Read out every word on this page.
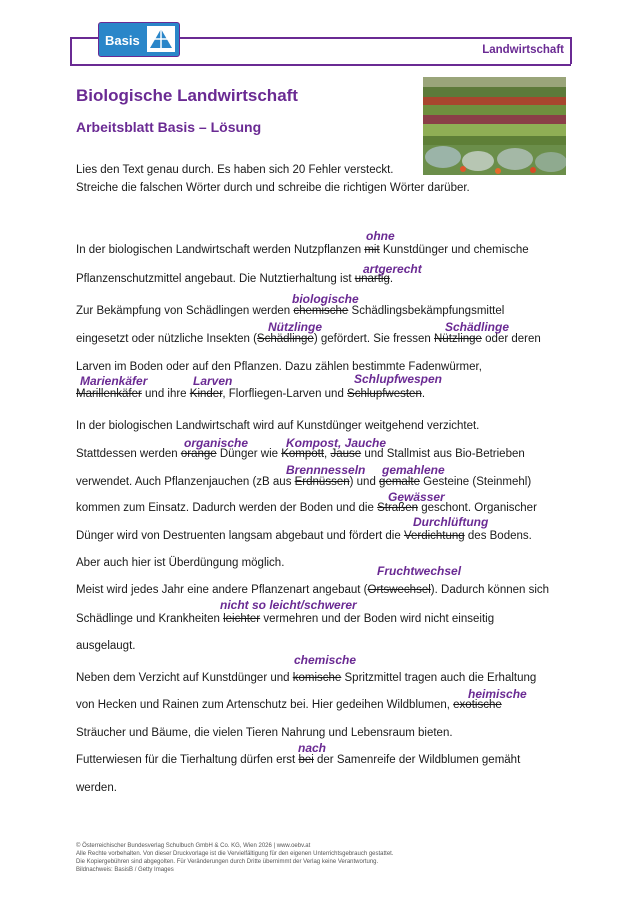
Basis
Landwirtschaft
Biologische Landwirtschaft
Arbeitsblatt Basis – Lösung
Lies den Text genau durch. Es haben sich 20 Fehler versteckt.
Streiche die falschen Wörter durch und schreibe die richtigen Wörter darüber.
In der biologischen Landwirtschaft werden Nutzpflanzen mit Kunstdünger und chemische
Pflanzenschutzmittel angebaut. Die Nutztierhaltung ist unartig.
Zur Bekämpfung von Schädlingen werden chemische Schädlingsbekämpfungsmittel
eingesetzt oder nützliche Insekten (Schädlinge) gefördert. Sie fressen Nützlinge oder deren
Larven im Boden oder auf den Pflanzen. Dazu zählen bestimmte Fadenwürmer,
Marillenkäfer und ihre Kinder, Florfliegen-Larven und Schlupfwesten.
In der biologischen Landwirtschaft wird auf Kunstdünger weitgehend verzichtet.
Stattdessen werden orange Dünger wie Kompott, Jause und Stallmist aus Bio-Betrieben
verwendet. Auch Pflanzenjauchen (zB aus Erdnüssen) und gemalte Gesteine (Steinmehl)
kommen zum Einsatz. Dadurch werden der Boden und die Straßen geschont. Organischer
Dünger wird von Destruenten langsam abgebaut und fördert die Verdichtung des Bodens.
Aber auch hier ist Überdüngung möglich.
Meist wird jedes Jahr eine andere Pflanzenart angebaut (Ortswechsel). Dadurch können sich
Schädlinge und Krankheiten leichter vermehren und der Boden wird nicht einseitig
ausgelaugt.
Neben dem Verzicht auf Kunstdünger und komische Spritzmittel tragen auch die Erhaltung
von Hecken und Rainen zum Artenschutz bei. Hier gedeihen Wildblumen, exotische
Sträucher und Bäume, die vielen Tieren Nahrung und Lebensraum bieten.
Futterwiesen für die Tierhaltung dürfen erst bei der Samenreife der Wildblumen gemäht
werden.
ohne
artgerecht
biologische
Nützlinge	Schädlinge
Marienkäfer	Larven	Schlupfwespen
organische	Kompost, Jauche
Brennnesseln gemahlene
Gewässer
Durchlüftung
Fruchtwechsel
nicht so leicht/schwerer
chemische
heimische
nach
© Österreichischer Bundesverlag Schulbuch GmbH & Co. KG, Wien 2026 | www.oebv.at
Alle Rechte vorbehalten. Von dieser Druckvorlage ist die Vervielfältigung für den eigenen Unterrichtsgebrauch gestattet.
Die Kopiergebühren sind abgegolten. Für Veränderungen durch Dritte übernimmt der Verlag keine Verantwortung.
Bildnachweis: BasisB / Getty Images
